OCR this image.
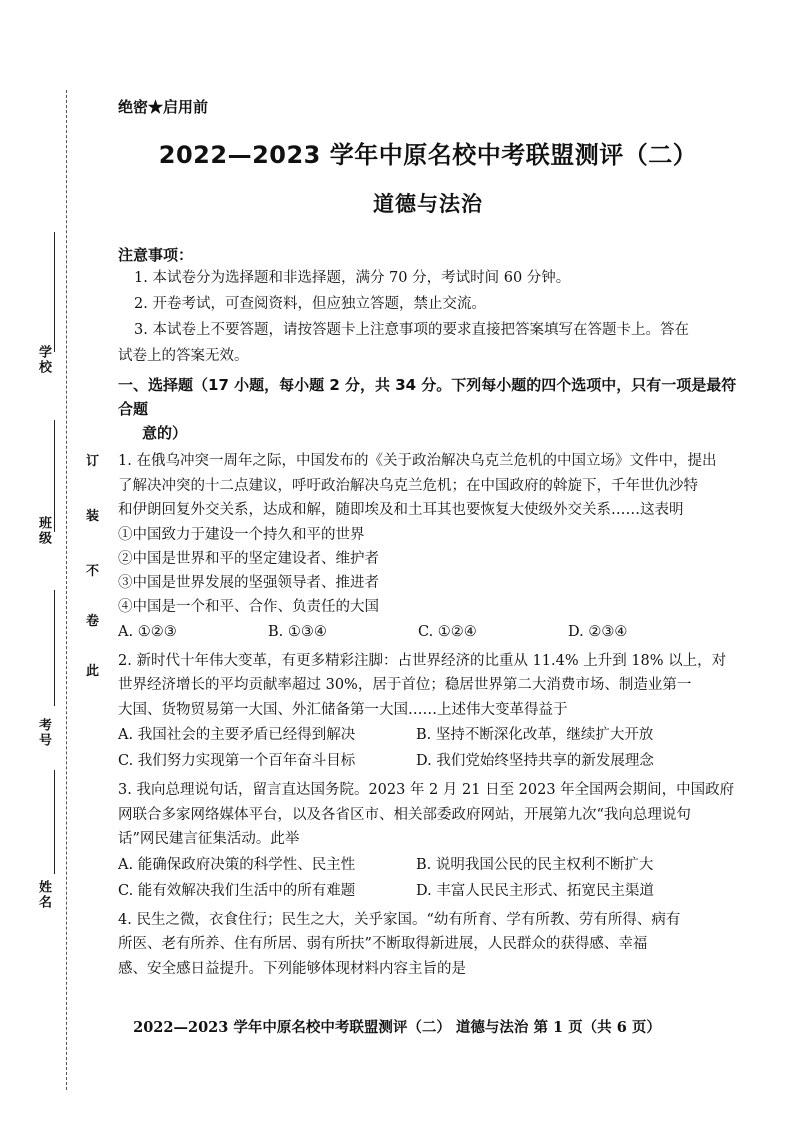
学校
班级
考号
姓名
订
装
不
卷
此
绝密★启用前
2022—2023 学年中原名校中考联盟测评（二）
道德与法治
注意事项：
1. 本试卷分为选择题和非选择题，满分 70 分，考试时间 60 分钟。
2. 开卷考试，可查阅资料，但应独立答题，禁止交流。
3. 本试卷上不要答题，请按答题卡上注意事项的要求直接把答案填写在答题卡上。答在
试卷上的答案无效。
一、选择题（17 小题，每小题 2 分，共 34 分。下列每小题的四个选项中，只有一项是最符合题
意的）
1. 在俄乌冲突一周年之际，中国发布的《关于政治解决乌克兰危机的中国立场》文件中，提出
了解决冲突的十二点建议，呼吁政治解决乌克兰危机；在中国政府的斡旋下，千年世仇沙特
和伊朗回复外交关系，达成和解，随即埃及和土耳其也要恢复大使级外交关系……这表明
①中国致力于建设一个持久和平的世界
②中国是世界和平的坚定建设者、维护者
③中国是世界发展的坚强领导者、推进者
④中国是一个和平、合作、负责任的大国
A. ①②③	B. ①③④	C. ①②④	D. ②③④
2. 新时代十年伟大变革，有更多精彩注脚：占世界经济的比重从 11.4% 上升到 18% 以上，对
世界经济增长的平均贡献率超过 30%，居于首位；稳居世界第二大消费市场、制造业第一
大国、货物贸易第一大国、外汇储备第一大国……上述伟大变革得益于
A. 我国社会的主要矛盾已经得到解决	B. 坚持不断深化改革，继续扩大开放
C. 我们努力实现第一个百年奋斗目标	D. 我们党始终坚持共享的新发展理念
3. 我向总理说句话，留言直达国务院。2023 年 2 月 21 日至 2023 年全国两会期间，中国政府
网联合多家网络媒体平台，以及各省区市、相关部委政府网站，开展第九次“我向总理说句
话”网民建言征集活动。此举
A. 能确保政府决策的科学性、民主性	B. 说明我国公民的民主权利不断扩大
C. 能有效解决我们生活中的所有难题	D. 丰富人民民主形式、拓宽民主渠道
4. 民生之微，衣食住行；民生之大，关乎家国。“幼有所育、学有所教、劳有所得、病有
所医、老有所养、住有所居、弱有所扶”不断取得新进展，人民群众的获得感、幸福
感、安全感日益提升。下列能够体现材料内容主旨的是
2022—2023 学年中原名校中考联盟测评（二） 道德与法治 第 1 页（共 6 页）
